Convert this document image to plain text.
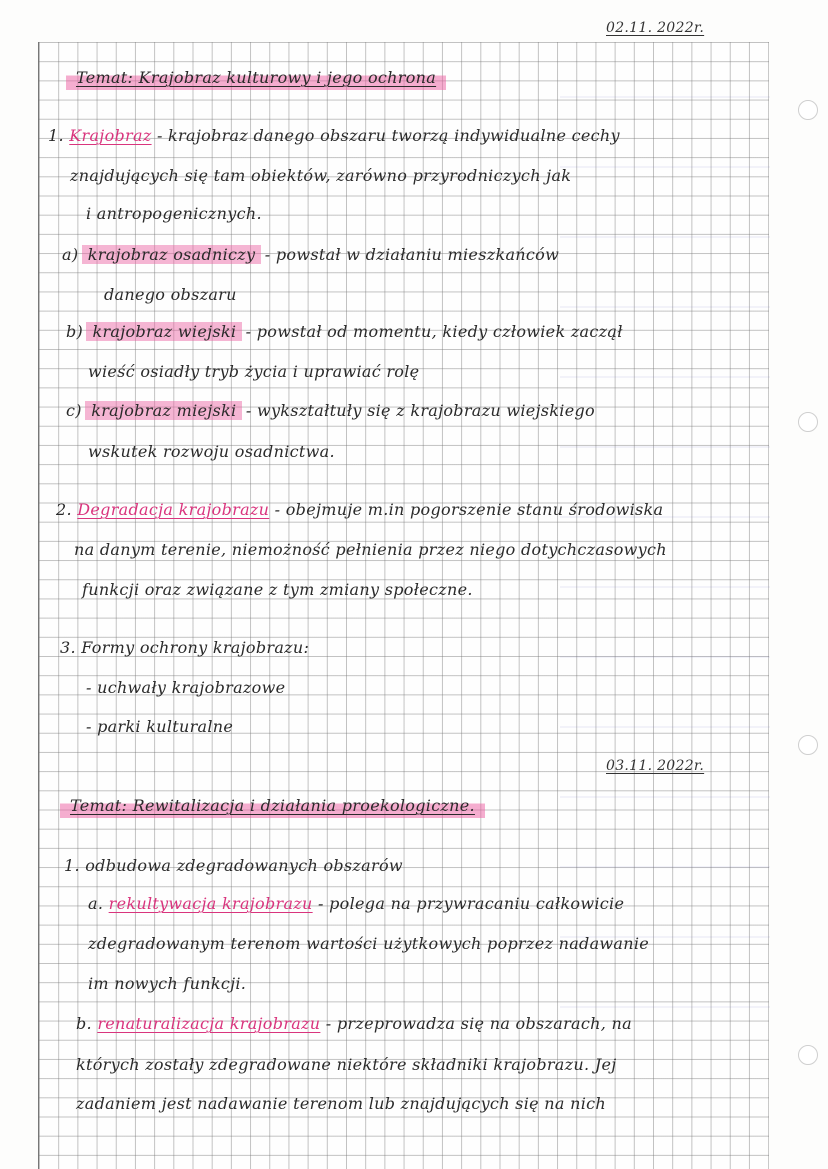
02.11. 2022r.
Temat: Krajobraz kulturowy i jego ochrona
1. Krajobraz - krajobraz danego obszaru tworzą indywidualne cechy
znajdujących się tam obiektów, zarówno przyrodniczych jak
i antropogenicznych.
a) krajobraz osadniczy - powstał w działaniu mieszkańców
danego obszaru
b) krajobraz wiejski - powstał od momentu, kiedy człowiek zaczął
wieść osiadły tryb życia i uprawiać rolę
c) krajobraz miejski - wykształtuły się z krajobrazu wiejskiego
wskutek rozwoju osadnictwa.
2. Degradacja krajobrazu - obejmuje m.in pogorszenie stanu środowiska
na danym terenie, niemożność pełnienia przez niego dotychczasowych
funkcji oraz związane z tym zmiany społeczne.
3. Formy ochrony krajobrazu:
- uchwały krajobrazowe
- parki kulturalne
03.11. 2022r.
Temat: Rewitalizacja i działania proekologiczne.
1. odbudowa zdegradowanych obszarów
a. rekultywacja krajobrazu - polega na przywracaniu całkowicie
zdegradowanym terenom wartości użytkowych poprzez nadawanie
im nowych funkcji.
b. renaturalizacja krajobrazu - przeprowadza się na obszarach, na
których zostały zdegradowane niektóre składniki krajobrazu. Jej
zadaniem jest nadawanie terenom lub znajdujących się na nich
